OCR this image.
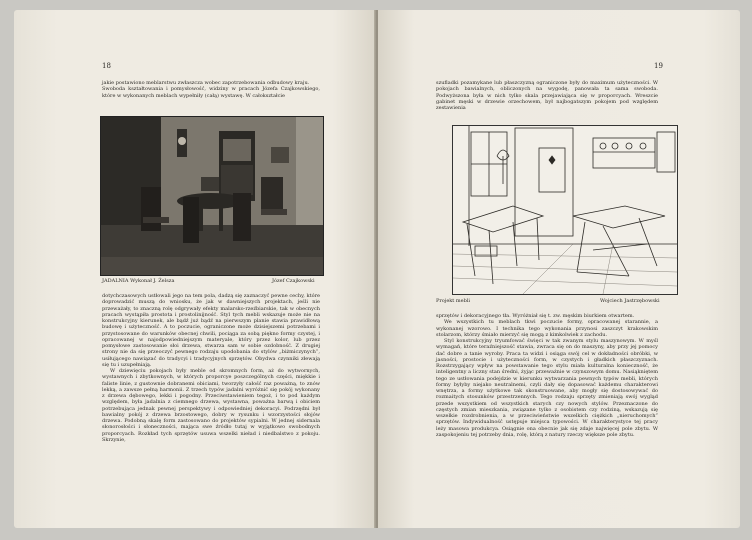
18

jakie postawiono meblarstwu zwłaszcza wobec zapotrzebowania odbudowy kraju.

Swoboda kształtowania i pomysłowość, widziny w pracach Józefa Czajkowskiego, które w wykonanych meblach wypełniły (całą) wystawę. W całokształcie

JADALNIA Wykonał J. Żelsza	Józef Czajkowski

dotychczasowych ustłowali jego na tem pola, dadzą się zaznaczyć pewne cechy, które doprowadzić muszą do wniosku, że jak w dawniejszych projektach, jeśli nie przeważały, to znaczną rolę odgrywały efekty malarsko-rzeźbiarskie, tak w obecnych pracach wystąpiła prostota i prostolinijność. Styl tych mebli wskazuje może nie na konstrukcyjny kierunek, ale bądź już bądź na pierwszym planie stawia prawidłową budowę i użyteczność. A to poczucie, ograniczone może dzisiejszemi potrzebami i przystosowane do warunków obecnej chwili, pociąga za sobą piękno formy czystej, i opracowanej w najodpowiedniejszym materyale, który przez kolor, lub przez pomysłowe zastosowanie słoi drzewa, stwarza sam w sobie ozdobność. Z drugiej strony nie da się przeoczyć pewnego rodzaju upodobania do stylów „biżmiczynych”, usiłującego nawiązać do tradycyi i tradycyjnych sprzętów. Obydwa czynniki złewają się tu i uzupełniają.

W dziewięciu pokojach były meble od skromnych form, aż do wytwornych, wystawnych i zbytkownych, w których proporcye poszczególnych części, miękkie i faliste linie, z gustownie dobranemi obiciami, tworzyły całość raz poważną, to znów lekką, a zawsze pełną harmonii. Z trzech typów jadalni wyróżnić się pokój wykonany z drzewa dębowego, lekki i pogodny. Przeciwstawieniem tegoż, i to pod każdym względem, była jadalnia z ciemnego drzewa, wystawna, poważna barwą i obiciem potrzebująca jednak pewnej perspektywy i odpowiedniej dekoracyi. Podrzędni był bawialny pokój z drzewa brzostowego, dobry w rysunku i wzorzystości słojów drzewa. Podobną skalę form zastosowano do projektów sypialni. W jednej sidernala słonorosłości i słoneczności, mająca swe źródło tutaj w wyjątkowo swobodnych proporcyach. Rozkład tych sprzętów usuwa wszelki nieład i niedbalstwo z pokoju. Skrzynie,

19

szufladki pozamykane lub płaszczyzną ograniczone były do maximum użyteczności. W pokojach bawialnych, obliczonych na wygodę, panowała ta sama swoboda. Podwyższona była w nich tylko skala przejawiająca się w proporcyach. Wreszcie gabinet męski w drzewie orzechowem, był najbogatszym pokojem pod względem zestawienia

Projekt mebli	Wojciech Jastrzębowski

sprzętów i dekoracyjnego tła. Wyróżniał się t. zw. męskim biurkiem otwartem.

We wszystkich tu meblach tkwi poczucie formy, opracowanej starannie, a wykonanej wzorowo. I technika tego wykonania przynosi zaszczyt krakowskim stolarzom, którzy śmiało mierzyć się mogą z kimkolwiek z zachodu.

Styl konstrukcyjny tryumfować święci w tak zwanym stylu maszynowym. W myśl wymagań, które teraźniejszość stawia, zwraca się on do maszyny, aby przy jej pomocy dać dobre a tanie wyroby. Praca ta widzi i osiąga swój cel w dokładności obróbki, w jasności, prostocie i użyteczności form, w czystych i gładkich płaszczyznach. Rozstrzygający wpływ na powstawanie tego stylu miała kulturalna konieczność, że inteligentny a liczny stan średni, żyjąc przeważnie w czynszowym domu. Nasiąkniętem tego ze ustłowania podejdzie w kierunku wytwarzania pewnych typów mebli, których formy byłyby niejako neutralnemi, czyli dały się dopasować każdemu charakterowi wnętrza, a formy użytkowe tak skonstruowane, aby mogły się dostosowywać do rozmaitych stosunków przestrzennych. Tego rodzaju sprzęty zmieniają swój wygląd przede wszystkiem od wszystkich starych czy nowych stylów. Przeznaczone do częstych zmian mieszkania, związane tylko z osobistem czy rodziną, wskazują się wszelkie rozdrobnienia, a w przeciwieństwie wszelkich ciężkich „nieruchomych” sprzętów. Indywidualność ustępuje miejsca typowości. W charakterystyce tej pracy leży masowa produkcya. Osiągnie ona obecnie jak się zdaje najwięcej pole zbytu. W zaspokojeniu tej potrzeby dnia, rolę, którą z natury rzeczy większe pole zbytu.
